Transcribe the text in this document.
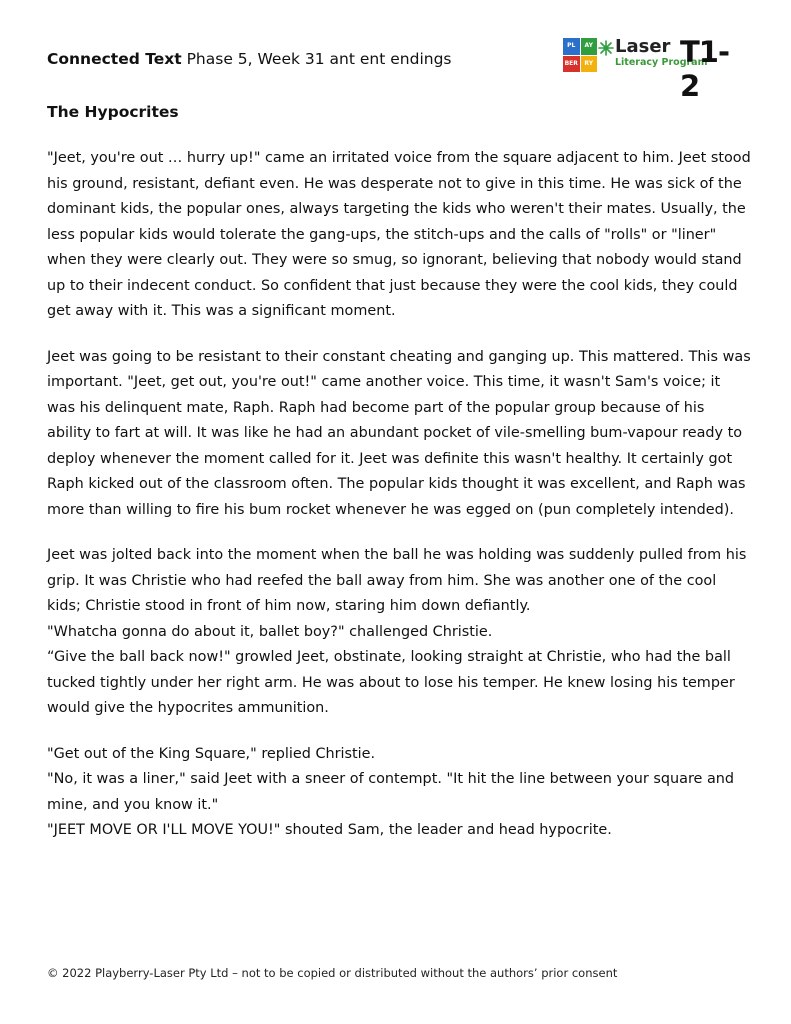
Connected Text Phase 5, Week 31 ant ent endings
PL	AY
BER	RY
Laser
Literacy Program
T1-2
The Hypocrites

"Jeet, you're out … hurry up!" came an irritated voice from the square adjacent to him. Jeet stood his ground, resistant, defiant even. He was desperate not to give in this time. He was sick of the dominant kids, the popular ones, always targeting the kids who weren't their mates. Usually, the less popular kids would tolerate the gang-ups, the stitch-ups and the calls of "rolls" or "liner" when they were clearly out. They were so smug, so ignorant, believing that nobody would stand up to their indecent conduct. So confident that just because they were the cool kids, they could get away with it. This was a significant moment.

Jeet was going to be resistant to their constant cheating and ganging up. This mattered. This was important. "Jeet, get out, you're out!" came another voice. This time, it wasn't Sam's voice; it was his delinquent mate, Raph. Raph had become part of the popular group because of his ability to fart at will. It was like he had an abundant pocket of vile-smelling bum-vapour ready to deploy whenever the moment called for it. Jeet was definite this wasn't healthy. It certainly got Raph kicked out of the classroom often. The popular kids thought it was excellent, and Raph was more than willing to fire his bum rocket whenever he was egged on (pun completely intended).

Jeet was jolted back into the moment when the ball he was holding was suddenly pulled from his grip. It was Christie who had reefed the ball away from him. She was another one of the cool kids; Christie stood in front of him now, staring him down defiantly.

"Whatcha gonna do about it, ballet boy?" challenged Christie.

“Give the ball back now!" growled Jeet, obstinate, looking straight at Christie, who had the ball tucked tightly under her right arm. He was about to lose his temper. He knew losing his temper would give the hypocrites ammunition.

"Get out of the King Square," replied Christie.

"No, it was a liner," said Jeet with a sneer of contempt. "It hit the line between your square and mine, and you know it."

"JEET MOVE OR I'LL MOVE YOU!" shouted Sam, the leader and head hypocrite.

© 2022 Playberry-Laser Pty Ltd – not to be copied or distributed without the authors’ prior consent
